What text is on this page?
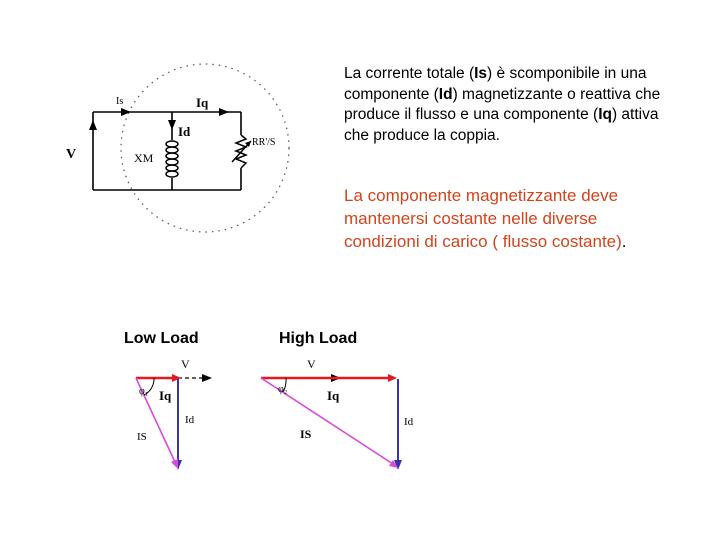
Is	Iq
Id
V	XM
RR'/S
Low Load
V
φ₁ Iq
Id
IS
High Load
V
φ₂	Iq
Id
IS
La corrente totale (Is) è scomponibile in una componente (Id) magnetizzante o reattiva che produce il flusso e una componente (Iq) attiva che produce la coppia.
La componente magnetizzante deve mantenersi costante nelle diverse condizioni di carico ( flusso costante).
